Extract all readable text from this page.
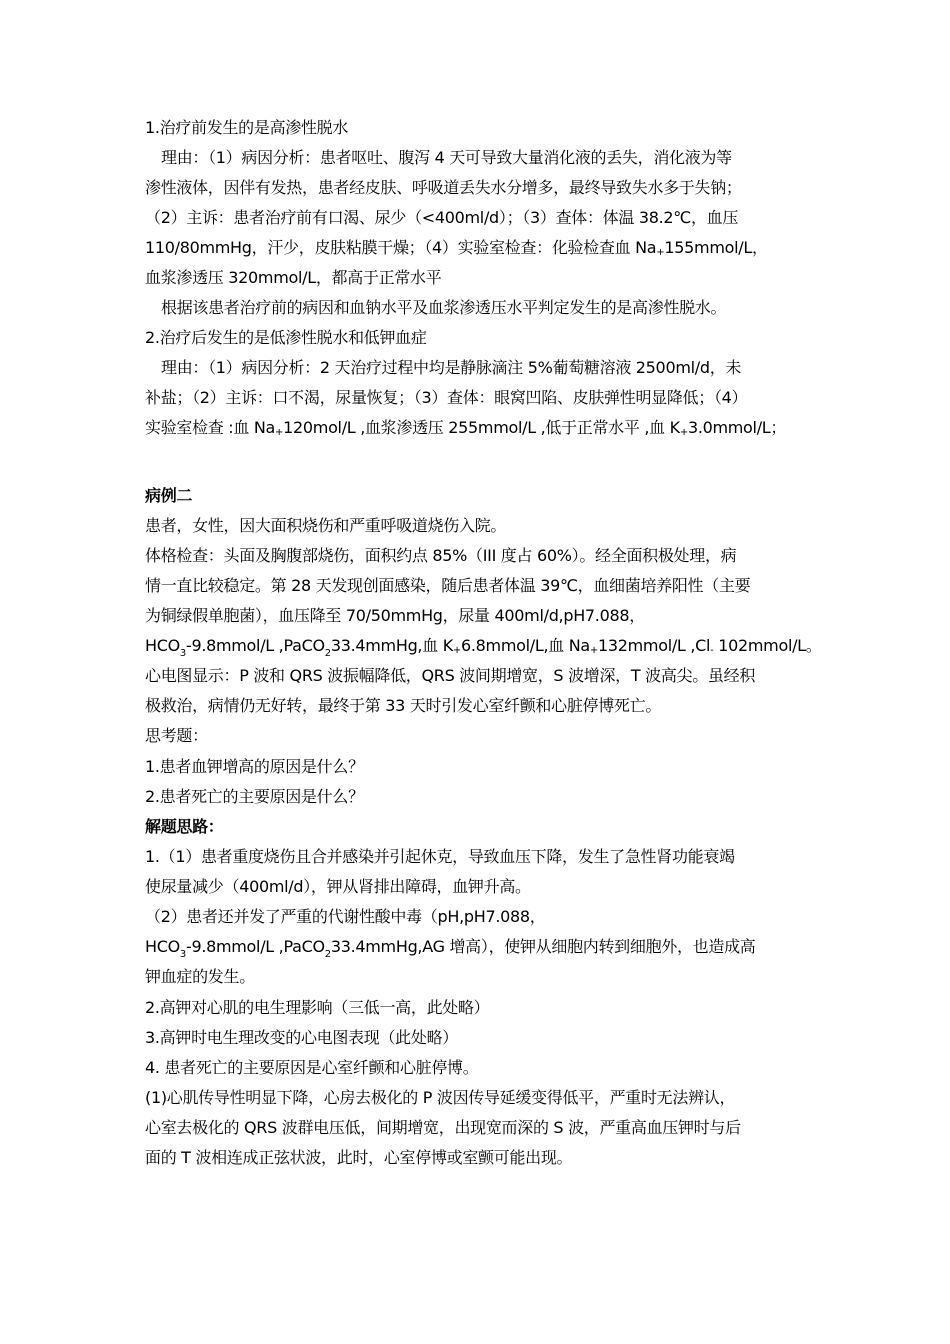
1.治疗前发生的是高渗性脱水
理由：（1）病因分析：患者呕吐、腹泻 4 天可导致大量消化液的丢失，消化液为等
渗性液体，因伴有发热，患者经皮肤、呼吸道丢失水分增多，最终导致失水多于失钠；
（2）主诉：患者治疗前有口渴、尿少（<400ml/d）；（3）查体：体温 38.2℃，血压
110/80mmHg，汗少，皮肤粘膜干燥；（4）实验室检查：化验检查血 Na+155mmol/L，
血浆渗透压 320mmol/L，都高于正常水平
根据该患者治疗前的病因和血钠水平及血浆渗透压水平判定发生的是高渗性脱水。
2.治疗后发生的是低渗性脱水和低钾血症
理由：（1）病因分析：2 天治疗过程中均是静脉滴注 5%葡萄糖溶液 2500ml/d，未
补盐；（2）主诉：口不渴，尿量恢复；（3）查体：眼窝凹陷、皮肤弹性明显降低；（4）
实验室检查 :血 Na+120mol/L ,血浆渗透压 255mmol/L ,低于正常水平 ,血 K+3.0mmol/L；
病例二
患者，女性，因大面积烧伤和严重呼吸道烧伤入院。
体格检查：头面及胸腹部烧伤，面积约点 85%（III 度占 60%）。经全面积极处理，病
情一直比较稳定。第 28 天发现创面感染，随后患者体温 39℃，血细菌培养阳性（主要
为铜绿假单胞菌），血压降至 70/50mmHg，尿量 400ml/d,pH7.088，
$HCO_3-9.8mmol/L$ ,PaCO$_2$33.4mmHg,血 K+6.8mmol/L,血 Na+132mmol/L ,Cl- 102mmol/L。
心电图显示：P 波和 QRS 波振幅降低，QRS 波间期增宽，S 波增深，T 波高尖。虽经积
极救治，病情仍无好转，最终于第 33 天时引发心室纤颤和心脏停博死亡。
思考题：
1.患者血钾增高的原因是什么？
2.患者死亡的主要原因是什么？
解题思路：
1.（1）患者重度烧伤且合并感染并引起休克，导致血压下降，发生了急性肾功能衰竭
使尿量减少（400ml/d），钾从肾排出障碍，血钾升高。
（2）患者还并发了严重的代谢性酸中毒（pH,pH7.088，
$HCO_3-9.8mmol/L$ ,PaCO$_2$33.4mmHg,AG 增高），使钾从细胞内转到细胞外，也造成高
钾血症的发生。
2.高钾对心肌的电生理影响（三低一高，此处略）
3.高钾时电生理改变的心电图表现（此处略）
4. 患者死亡的主要原因是心室纤颤和心脏停博。
(1)心肌传导性明显下降，心房去极化的 P 波因传导延缓变得低平，严重时无法辨认，
心室去极化的 QRS 波群电压低，间期增宽，出现宽而深的 S 波，严重高血压钾时与后
面的 T 波相连成正弦状波，此时，心室停博或室颤可能出现。
